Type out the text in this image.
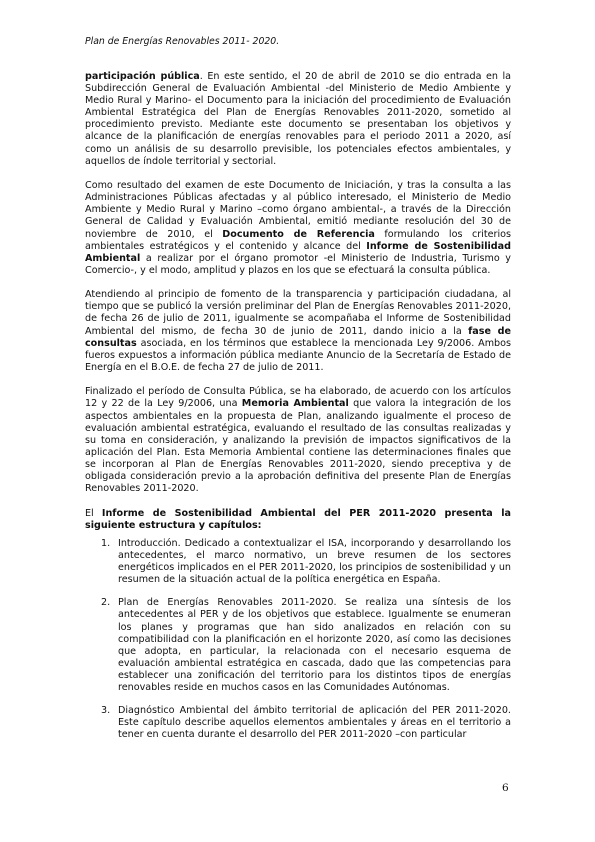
Plan de Energías Renovables 2011- 2020.

participación pública. En este sentido, el 20 de abril de 2010 se dio entrada en la Subdirección General de Evaluación Ambiental -del Ministerio de Medio Ambiente y Medio Rural y Marino- el Documento para la iniciación del procedimiento de Evaluación Ambiental Estratégica del Plan de Energías Renovables 2011-2020, sometido al procedimiento previsto. Mediante este documento se presentaban los objetivos y alcance de la planificación de energías renovables para el periodo 2011 a 2020, así como un análisis de su desarrollo previsible, los potenciales efectos ambientales, y aquellos de índole territorial y sectorial.

Como resultado del examen de este Documento de Iniciación, y tras la consulta a las Administraciones Públicas afectadas y al público interesado, el Ministerio de Medio Ambiente y Medio Rural y Marino –como órgano ambiental-, a través de la Dirección General de Calidad y Evaluación Ambiental, emitió mediante resolución del 30 de noviembre de 2010, el Documento de Referencia formulando los criterios ambientales estratégicos y el contenido y alcance del Informe de Sostenibilidad Ambiental a realizar por el órgano promotor -el Ministerio de Industria, Turismo y Comercio-, y el modo, amplitud y plazos en los que se efectuará la consulta pública.

Atendiendo al principio de fomento de la transparencia y participación ciudadana, al tiempo que se publicó la versión preliminar del Plan de Energías Renovables 2011-2020, de fecha 26 de julio de 2011, igualmente se acompañaba el Informe de Sostenibilidad Ambiental del mismo, de fecha 30 de junio de 2011, dando inicio a la fase de consultas asociada, en los términos que establece la mencionada Ley 9/2006. Ambos fueros expuestos a información pública mediante Anuncio de la Secretaría de Estado de Energía en el B.O.E. de fecha 27 de julio de 2011.

Finalizado el período de Consulta Pública, se ha elaborado, de acuerdo con los artículos 12 y 22 de la Ley 9/2006, una Memoria Ambiental que valora la integración de los aspectos ambientales en la propuesta de Plan, analizando igualmente el proceso de evaluación ambiental estratégica, evaluando el resultado de las consultas realizadas y su toma en consideración, y analizando la previsión de impactos significativos de la aplicación del Plan. Esta Memoria Ambiental contiene las determinaciones finales que se incorporan al Plan de Energías Renovables 2011-2020, siendo preceptiva y de obligada consideración previo a la aprobación definitiva del presente Plan de Energías Renovables 2011-2020.

El Informe de Sostenibilidad Ambiental del PER 2011-2020 presenta la siguiente estructura y capítulos:

1. Introducción. Dedicado a contextualizar el ISA, incorporando y desarrollando los antecedentes, el marco normativo, un breve resumen de los sectores energéticos implicados en el PER 2011-2020, los principios de sostenibilidad y un resumen de la situación actual de la política energética en España.
2. Plan de Energías Renovables 2011-2020. Se realiza una síntesis de los antecedentes al PER y de los objetivos que establece. Igualmente se enumeran los planes y programas que han sido analizados en relación con su compatibilidad con la planificación en el horizonte 2020, así como las decisiones que adopta, en particular, la relacionada con el necesario esquema de evaluación ambiental estratégica en cascada, dado que las competencias para establecer una zonificación del territorio para los distintos tipos de energías renovables reside en muchos casos en las Comunidades Autónomas.
3. Diagnóstico Ambiental del ámbito territorial de aplicación del PER 2011-2020. Este capítulo describe aquellos elementos ambientales y áreas en el territorio a tener en cuenta durante el desarrollo del PER 2011-2020 –con particular
6
